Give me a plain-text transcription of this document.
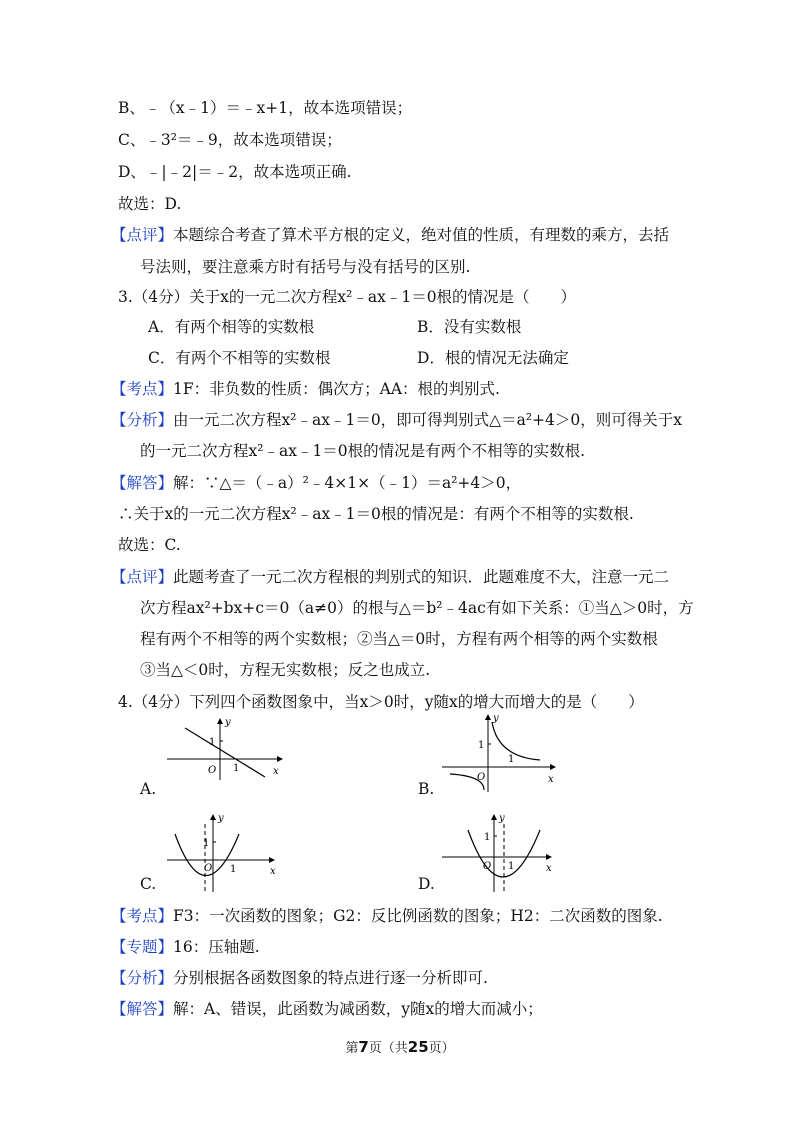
B、﹣（x﹣1）＝﹣x+1，故本选项错误；
C、﹣3²＝﹣9，故本选项错误；
D、﹣|﹣2|＝﹣2，故本选项正确.
故选：D.
【点评】本题综合考查了算术平方根的定义，绝对值的性质，有理数的乘方，去括
号法则，要注意乘方时有括号与没有括号的区别.
3.（4分）关于x的一元二次方程x²﹣ax﹣1＝0根的情况是（　　）
A．有两个相等的实数根	B．没有实数根
C．有两个不相等的实数根	D．根的情况无法确定
【考点】1F：非负数的性质：偶次方；AA：根的判别式.
【分析】由一元二次方程x²﹣ax﹣1＝0，即可得判别式△＝a²+4＞0，则可得关于x
的一元二次方程x²﹣ax﹣1＝0根的情况是有两个不相等的实数根.
【解答】解：∵△＝（﹣a）²﹣4×1×（﹣1）＝a²+4＞0，
∴关于x的一元二次方程x²﹣ax﹣1＝0根的情况是：有两个不相等的实数根.
故选：C.
【点评】此题考查了一元二次方程根的判别式的知识．此题难度不大，注意一元二
次方程ax²+bx+c＝0（a≠0）的根与△＝b²﹣4ac有如下关系：①当△＞0时，方
程有两个不相等的两个实数根；②当△＝0时，方程有两个相等的两个实数根
③当△＜0时，方程无实数根；反之也成立.
4.（4分）下列四个函数图象中，当x＞0时，y随x的增大而增大的是（　　）
A.
1
1
O	x
y
B.
1
1
O	x
y
C.
1
1
O	x
y
D.
1
1
O	x
y
【考点】F3：一次函数的图象；G2：反比例函数的图象；H2：二次函数的图象.
【专题】16：压轴题.
【分析】分别根据各函数图象的特点进行逐一分析即可.
【解答】解：A、错误，此函数为减函数，y随x的增大而减小；
第7页（共25页）
